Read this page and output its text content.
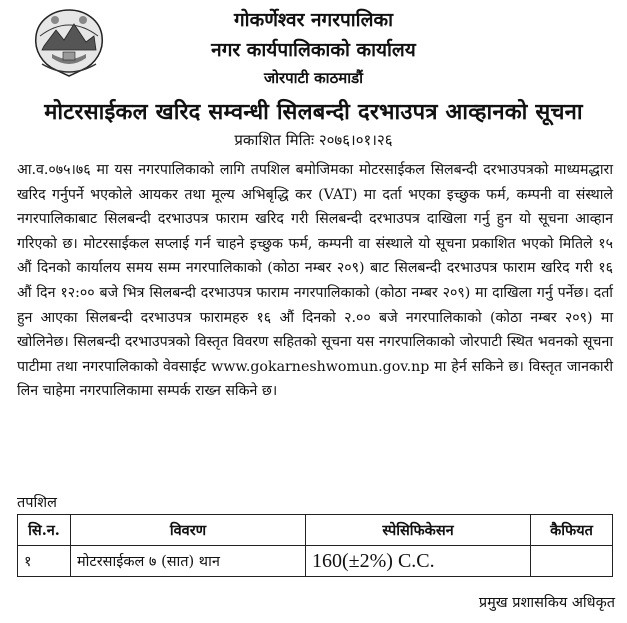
गोकर्णेश्वर नगरपालिका
नगर कार्यपालिकाको कार्यालय
जोरपाटी काठमाडौं
मोटरसाईकल खरिद सम्वन्धी सिलबन्दी दरभाउपत्र आव्हानको सूचना
प्रकाशित मितिः २०७६।०१।२६

आ.व.०७५।७६ मा यस नगरपालिकाको लागि तपशिल बमोजिमका मोटरसाईकल सिलबन्दी दरभाउपत्रको माध्यमद्धारा खरिद गर्नुपर्ने भएकोले आयकर तथा मूल्य अभिबृद्धि कर (VAT) मा दर्ता भएका इच्छुक फर्म, कम्पनी वा संस्थाले नगरपालिकाबाट सिलबन्दी दरभाउपत्र फाराम खरिद गरी सिलबन्दी दरभाउपत्र दाखिला गर्नु हुन यो सूचना आव्हान गरिएको छ। मोटरसाईकल सप्लाई गर्न चाहने इच्छुक फर्म, कम्पनी वा संस्थाले यो सूचना प्रकाशित भएको मितिले १५ औं दिनको कार्यालय समय सम्म नगरपालिकाको (कोठा नम्बर २०९) बाट सिलबन्दी दरभाउपत्र फाराम खरिद गरी १६ औं दिन १२:०० बजे भित्र सिलबन्दी दरभाउपत्र फाराम नगरपालिकाको (कोठा नम्बर २०९) मा दाखिला गर्नु पर्नेछ। दर्ता हुन आएका सिलबन्दी दरभाउपत्र फारामहरु १६ औं दिनको २.०० बजे नगरपालिकाको (कोठा नम्बर २०९) मा खोलिनेछ। सिलबन्दी दरभाउपत्रको विस्तृत विवरण सहितको सूचना यस नगरपालिकाको जोरपाटी स्थित भवनको सूचना पाटीमा तथा नगरपालिकाको वेवसाईट www.gokarneshwomun.gov.np मा हेर्न सकिने छ। विस्तृत जानकारी लिन चाहेमा नगरपालिकामा सम्पर्क राख्न सकिने छ।

तपशिल
सि.न.	विवरण	स्पेसिफिकेसन	कैफियत
१	मोटरसाईकल ७ (सात) थान	160(±2%) C.C.	
प्रमुख प्रशासकिय अधिकृत
